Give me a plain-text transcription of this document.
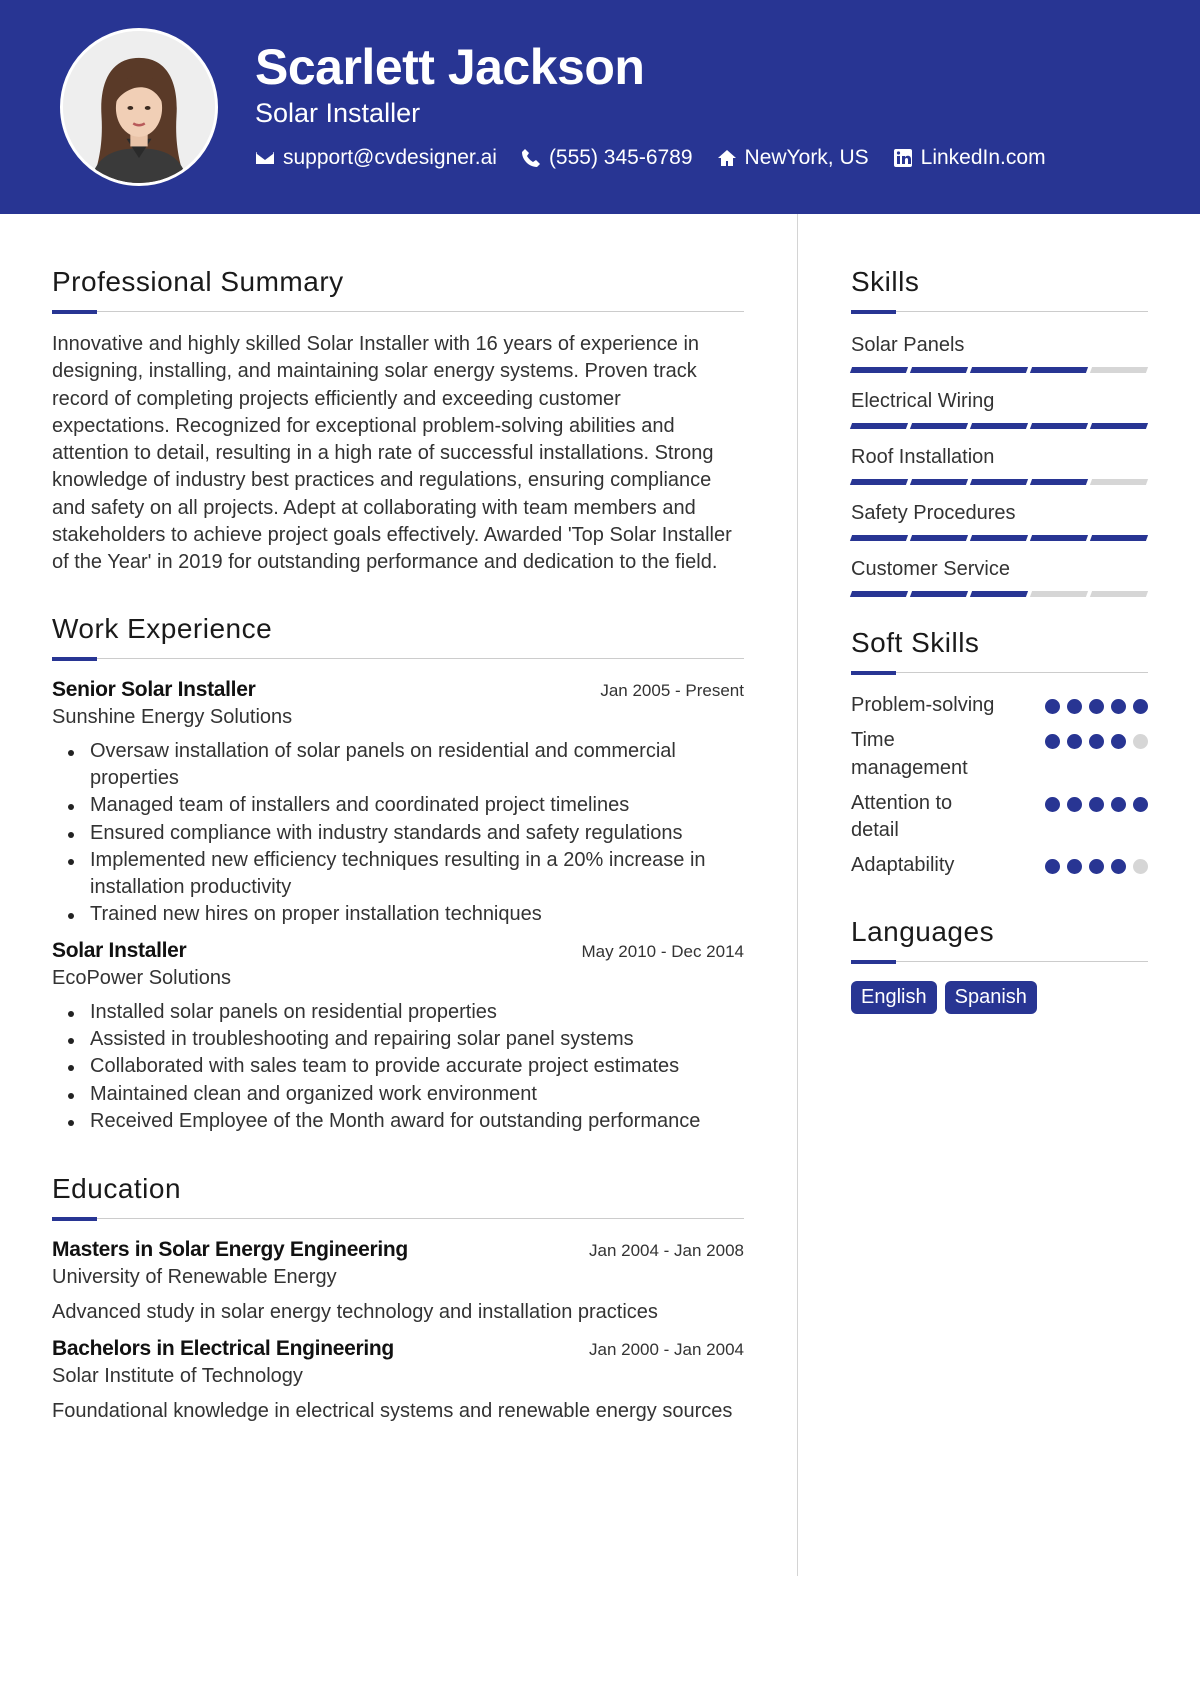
Scarlett Jackson
Solar Installer
support@cvdesigner.ai (555) 345-6789 NewYork, US LinkedIn.com
Professional Summary

Innovative and highly skilled Solar Installer with 16 years of experience in designing, installing, and maintaining solar energy systems. Proven track record of completing projects efficiently and exceeding customer expectations. Recognized for exceptional problem-solving abilities and attention to detail, resulting in a high rate of successful installations. Strong knowledge of industry best practices and regulations, ensuring compliance and safety on all projects. Adept at collaborating with team members and stakeholders to achieve project goals effectively. Awarded 'Top Solar Installer of the Year' in 2019 for outstanding performance and dedication to the field.

Work Experience
Senior Solar Installer	Jan 2005 - Present
Sunshine Energy Solutions
Oversaw installation of solar panels on residential and commercial properties
Managed team of installers and coordinated project timelines
Ensured compliance with industry standards and safety regulations
Implemented new efficiency techniques resulting in a 20% increase in installation productivity
Trained new hires on proper installation techniques
Solar Installer	May 2010 - Dec 2014
EcoPower Solutions
Installed solar panels on residential properties
Assisted in troubleshooting and repairing solar panel systems
Collaborated with sales team to provide accurate project estimates
Maintained clean and organized work environment
Received Employee of the Month award for outstanding performance
Education
Masters in Solar Energy Engineering	Jan 2004 - Jan 2008
University of Renewable Energy

Advanced study in solar energy technology and installation practices

Bachelors in Electrical Engineering	Jan 2000 - Jan 2004
Solar Institute of Technology

Foundational knowledge in electrical systems and renewable energy sources

Skills
Solar Panels
Electrical Wiring
Roof Installation
Safety Procedures
Customer Service
Soft Skills
Problem-solving
Time management
Attention to detail
Adaptability
Languages
English	Spanish
